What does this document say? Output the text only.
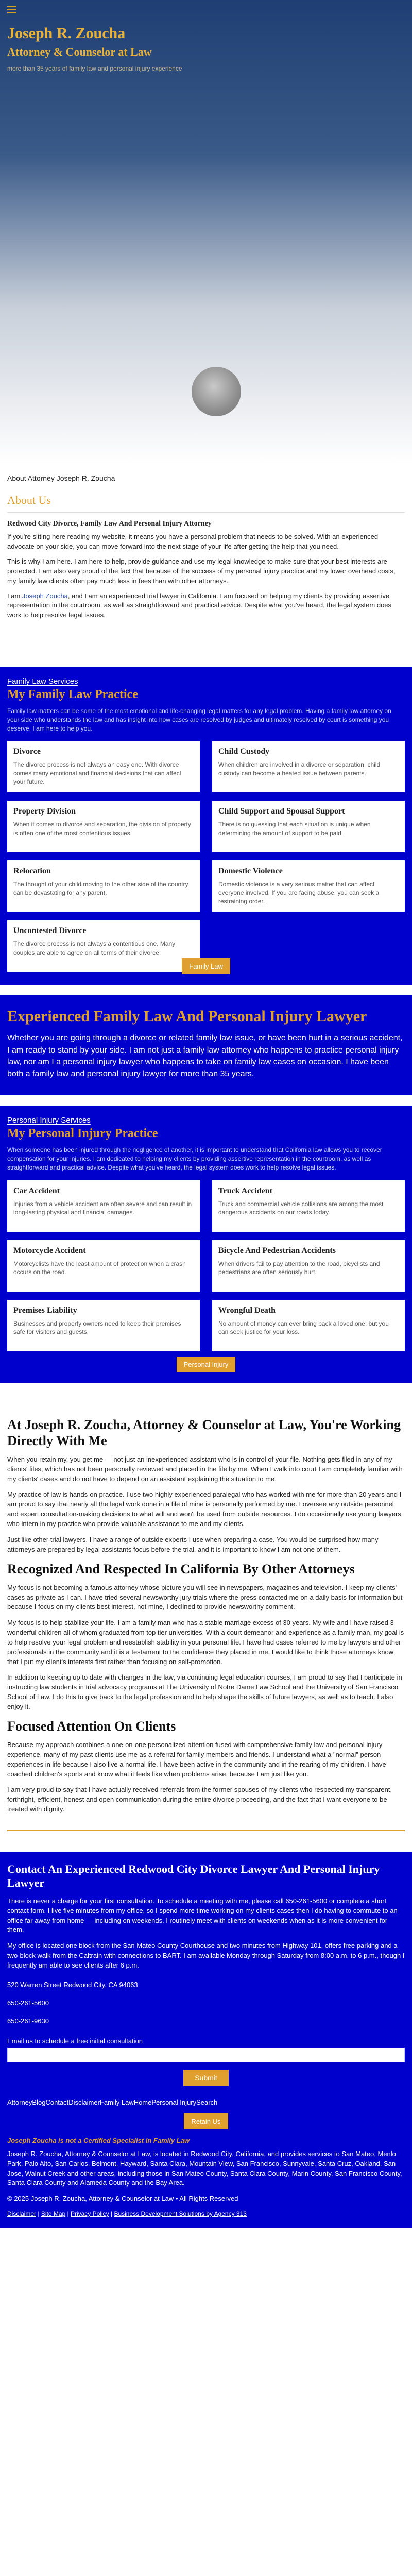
Joseph R. Zoucha
Attorney & Counselor at Law

more than 35 years of family law and personal injury experience

About Attorney Joseph R. Zoucha

About Us
Redwood City Divorce, Family Law And Personal Injury Attorney

If you're sitting here reading my website, it means you have a personal problem that needs to be solved. With an experienced advocate on your side, you can move forward into the next stage of your life after getting the help that you need.

This is why I am here. I am here to help, provide guidance and use my legal knowledge to make sure that your best interests are protected. I am also very proud of the fact that because of the success of my personal injury practice and my lower overhead costs, my family law clients often pay much less in fees than with other attorneys.

I am Joseph Zoucha, and I am an experienced trial lawyer in California. I am focused on helping my clients by providing assertive representation in the courtroom, as well as straightforward and practical advice. Despite what you've heard, the legal system does work to help resolve legal issues.

Family Law Services

My Family Law Practice

Family law matters can be some of the most emotional and life-changing legal matters for any legal problem. Having a family law attorney on your side who understands the law and has insight into how cases are resolved by judges and ultimately resolved by court is something you deserve. I am here to help you.

Divorce

The divorce process is not always an easy one. With divorce comes many emotional and financial decisions that can affect your future.

Child Custody

When children are involved in a divorce or separation, child custody can become a heated issue between parents.

Property Division

When it comes to divorce and separation, the division of property is often one of the most contentious issues.

Child Support and Spousal Support

There is no guessing that each situation is unique when determining the amount of support to be paid.

Relocation

The thought of your child moving to the other side of the country can be devastating for any parent.

Domestic Violence

Domestic violence is a very serious matter that can affect everyone involved. If you are facing abuse, you can seek a restraining order.

Uncontested Divorce

The divorce process is not always a contentious one. Many couples are able to agree on all terms of their divorce.

Family Law
Experienced Family Law And Personal Injury Lawyer

Whether you are going through a divorce or related family law issue, or have been hurt in a serious accident, I am ready to stand by your side. I am not just a family law attorney who happens to practice personal injury law, nor am I a personal injury lawyer who happens to take on family law cases on occasion. I have been both a family law and personal injury lawyer for more than 35 years.

Personal Injury Services

My Personal Injury Practice

When someone has been injured through the negligence of another, it is important to understand that California law allows you to recover compensation for your injuries. I am dedicated to helping my clients by providing assertive representation in the courtroom, as well as straightforward and practical advice. Despite what you've heard, the legal system does work to help resolve legal issues.

Car Accident

Injuries from a vehicle accident are often severe and can result in long-lasting physical and financial damages.

Truck Accident

Truck and commercial vehicle collisions are among the most dangerous accidents on our roads today.

Motorcycle Accident

Motorcyclists have the least amount of protection when a crash occurs on the road.

Bicycle And Pedestrian Accidents

When drivers fail to pay attention to the road, bicyclists and pedestrians are often seriously hurt.

Premises Liability

Businesses and property owners need to keep their premises safe for visitors and guests.

Wrongful Death

No amount of money can ever bring back a loved one, but you can seek justice for your loss.

Personal Injury
At Joseph R. Zoucha, Attorney & Counselor at Law, You're Working Directly With Me

When you retain my, you get me — not just an inexperienced assistant who is in control of your file. Nothing gets filed in any of my clients' files, which has not been personally reviewed and placed in the file by me. When I walk into court I am completely familiar with my clients' cases and do not have to depend on an assistant explaining the situation to me.

My practice of law is hands-on practice. I use two highly experienced paralegal who has worked with me for more than 20 years and I am proud to say that nearly all the legal work done in a file of mine is personally performed by me. I oversee any outside personnel and expert consultation-making decisions to what will and won't be used from outside resources. I do occasionally use young lawyers who intern in my practice who provide valuable assistance to me and my clients.

Just like other trial lawyers, I have a range of outside experts I use when preparing a case. You would be surprised how many attorneys are prepared by legal assistants focus before the trial, and it is important to know I am not one of them.

Recognized And Respected In California By Other Attorneys

My focus is not becoming a famous attorney whose picture you will see in newspapers, magazines and television. I keep my clients' cases as private as I can. I have tried several newsworthy jury trials where the press contacted me on a daily basis for information but because I focus on my clients best interest, not mine, I declined to provide newsworthy comment.

My focus is to help stabilize your life. I am a family man who has a stable marriage excess of 30 years. My wife and I have raised 3 wonderful children all of whom graduated from top tier universities. With a court demeanor and experience as a family man, my goal is to help resolve your legal problem and reestablish stability in your personal life. I have had cases referred to me by lawyers and other professionals in the community and it is a testament to the confidence they placed in me. I would like to think those attorneys know that I put my client's interests first rather than focusing on self-promotion.

In addition to keeping up to date with changes in the law, via continuing legal education courses, I am proud to say that I participate in instructing law students in trial advocacy programs at The University of Notre Dame Law School and the University of San Francisco School of Law. I do this to give back to the legal profession and to help shape the skills of future lawyers, as well as to teach. I also enjoy it.

Focused Attention On Clients

Because my approach combines a one-on-one personalized attention fused with comprehensive family law and personal injury experience, many of my past clients use me as a referral for family members and friends. I understand what a "normal" person experiences in life because I also live a normal life. I have been active in the community and in the rearing of my children. I have coached children's sports and know what it feels like when problems arise, because I am just like you.

I am very proud to say that I have actually received referrals from the former spouses of my clients who respected my transparent, forthright, efficient, honest and open communication during the entire divorce proceeding, and the fact that I want everyone to be treated with dignity.

Contact An Experienced Redwood City Divorce Lawyer And Personal Injury Lawyer

There is never a charge for your first consultation. To schedule a meeting with me, please call 650-261-5600 or complete a short contact form. I live five minutes from my office, so I spend more time working on my clients cases then I do having to commute to an office far away from home — including on weekends. I routinely meet with clients on weekends when as it is more convenient for them.

My office is located one block from the San Mateo County Courthouse and two minutes from Highway 101, offers free parking and a two-block walk from the Caltrain with connections to BART. I am available Monday through Saturday from 8:00 a.m. to 6 p.m., though I frequently am able to see clients after 6 p.m.

520 Warren Street Redwood City, CA 94063
650-261-5600
650-261-9630
Email us to schedule a free initial consultation
Submit
AttorneyBlogContactDisclaimerFamily LawHomePersonal InjurySearch
Retain Us
Joseph Zoucha is not a Certified Specialist in Family Law

Joseph R. Zoucha, Attorney & Counselor at Law, is located in Redwood City, California, and provides services to San Mateo, Menlo Park, Palo Alto, San Carlos, Belmont, Hayward, Santa Clara, Mountain View, San Francisco, Sunnyvale, Santa Cruz, Oakland, San Jose, Walnut Creek and other areas, including those in San Mateo County, Santa Clara County, Marin County, San Francisco County, Santa Clara County and Alameda County and the Bay Area.

© 2025 Joseph R. Zoucha, Attorney & Counselor at Law • All Rights Reserved

Disclaimer | Site Map | Privacy Policy | Business Development Solutions by Agency 313
